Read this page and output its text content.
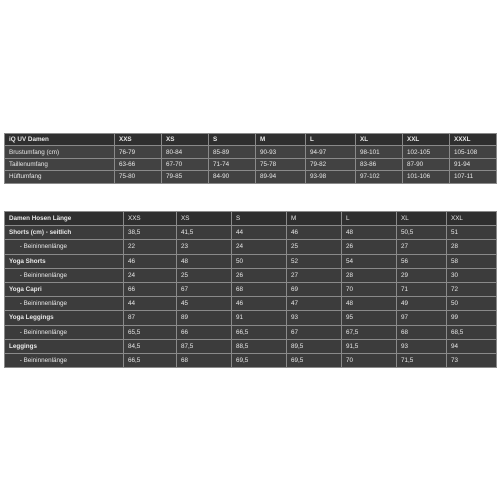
iQ UV Damen	XXS	XS	S	M	L	XL	XXL	XXXL
Brustumfang (cm)	76-79	80-84	85-89	90-93	94-97	98-101	102-105	105-108
Taillenumfang	63-66	67-70	71-74	75-78	79-82	83-86	87-90	91-94
Hüftumfang	75-80	79-85	84-90	89-94	93-98	97-102	101-106	107-11
Damen Hosen Länge	XXS	XS	S	M	L	XL	XXL
Shorts (cm) - seitlich	38,5	41,5	44	46	48	50,5	51
- Beininnenlänge	22	23	24	25	26	27	28
Yoga Shorts	46	48	50	52	54	56	58
- Beininnenlänge	24	25	26	27	28	29	30
Yoga Capri	66	67	68	69	70	71	72
- Beininnenlänge	44	45	46	47	48	49	50
Yoga Leggings	87	89	91	93	95	97	99
- Beininnenlänge	65,5	66	66,5	67	67,5	68	68,5
Leggings	84,5	87,5	88,5	89,5	91,5	93	94
- Beininnenlänge	66,5	68	69,5	69,5	70	71,5	73
